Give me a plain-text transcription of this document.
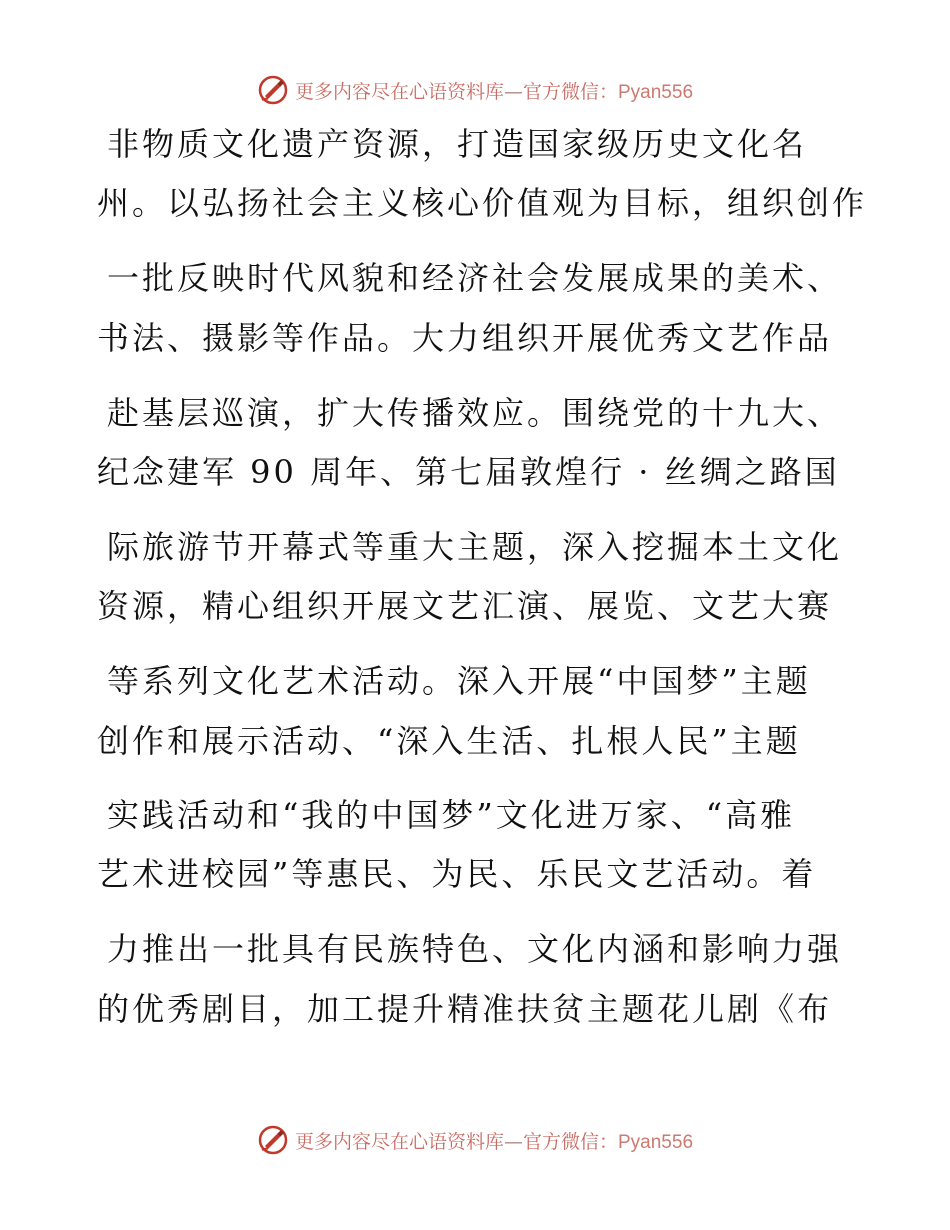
更多内容尽在心语资料库—官方微信：Pyan556
非物质文化遗产资源，打造国家级历史文化名
州。以弘扬社会主义核心价值观为目标，组织创作
一批反映时代风貌和经济社会发展成果的美术、
书法、摄影等作品。大力组织开展优秀文艺作品
赴基层巡演，扩大传播效应。围绕党的十九大、
纪念建军 90 周年、第七届敦煌行 · 丝绸之路国
际旅游节开幕式等重大主题，深入挖掘本土文化
资源，精心组织开展文艺汇演、展览、文艺大赛
等系列文化艺术活动。深入开展“中国梦”主题
创作和展示活动、“深入生活、扎根人民”主题
实践活动和“我的中国梦”文化进万家、“高雅
艺术进校园”等惠民、为民、乐民文艺活动。着
力推出一批具有民族特色、文化内涵和影响力强
的优秀剧目，加工提升精准扶贫主题花儿剧《布
更多内容尽在心语资料库—官方微信：Pyan556
